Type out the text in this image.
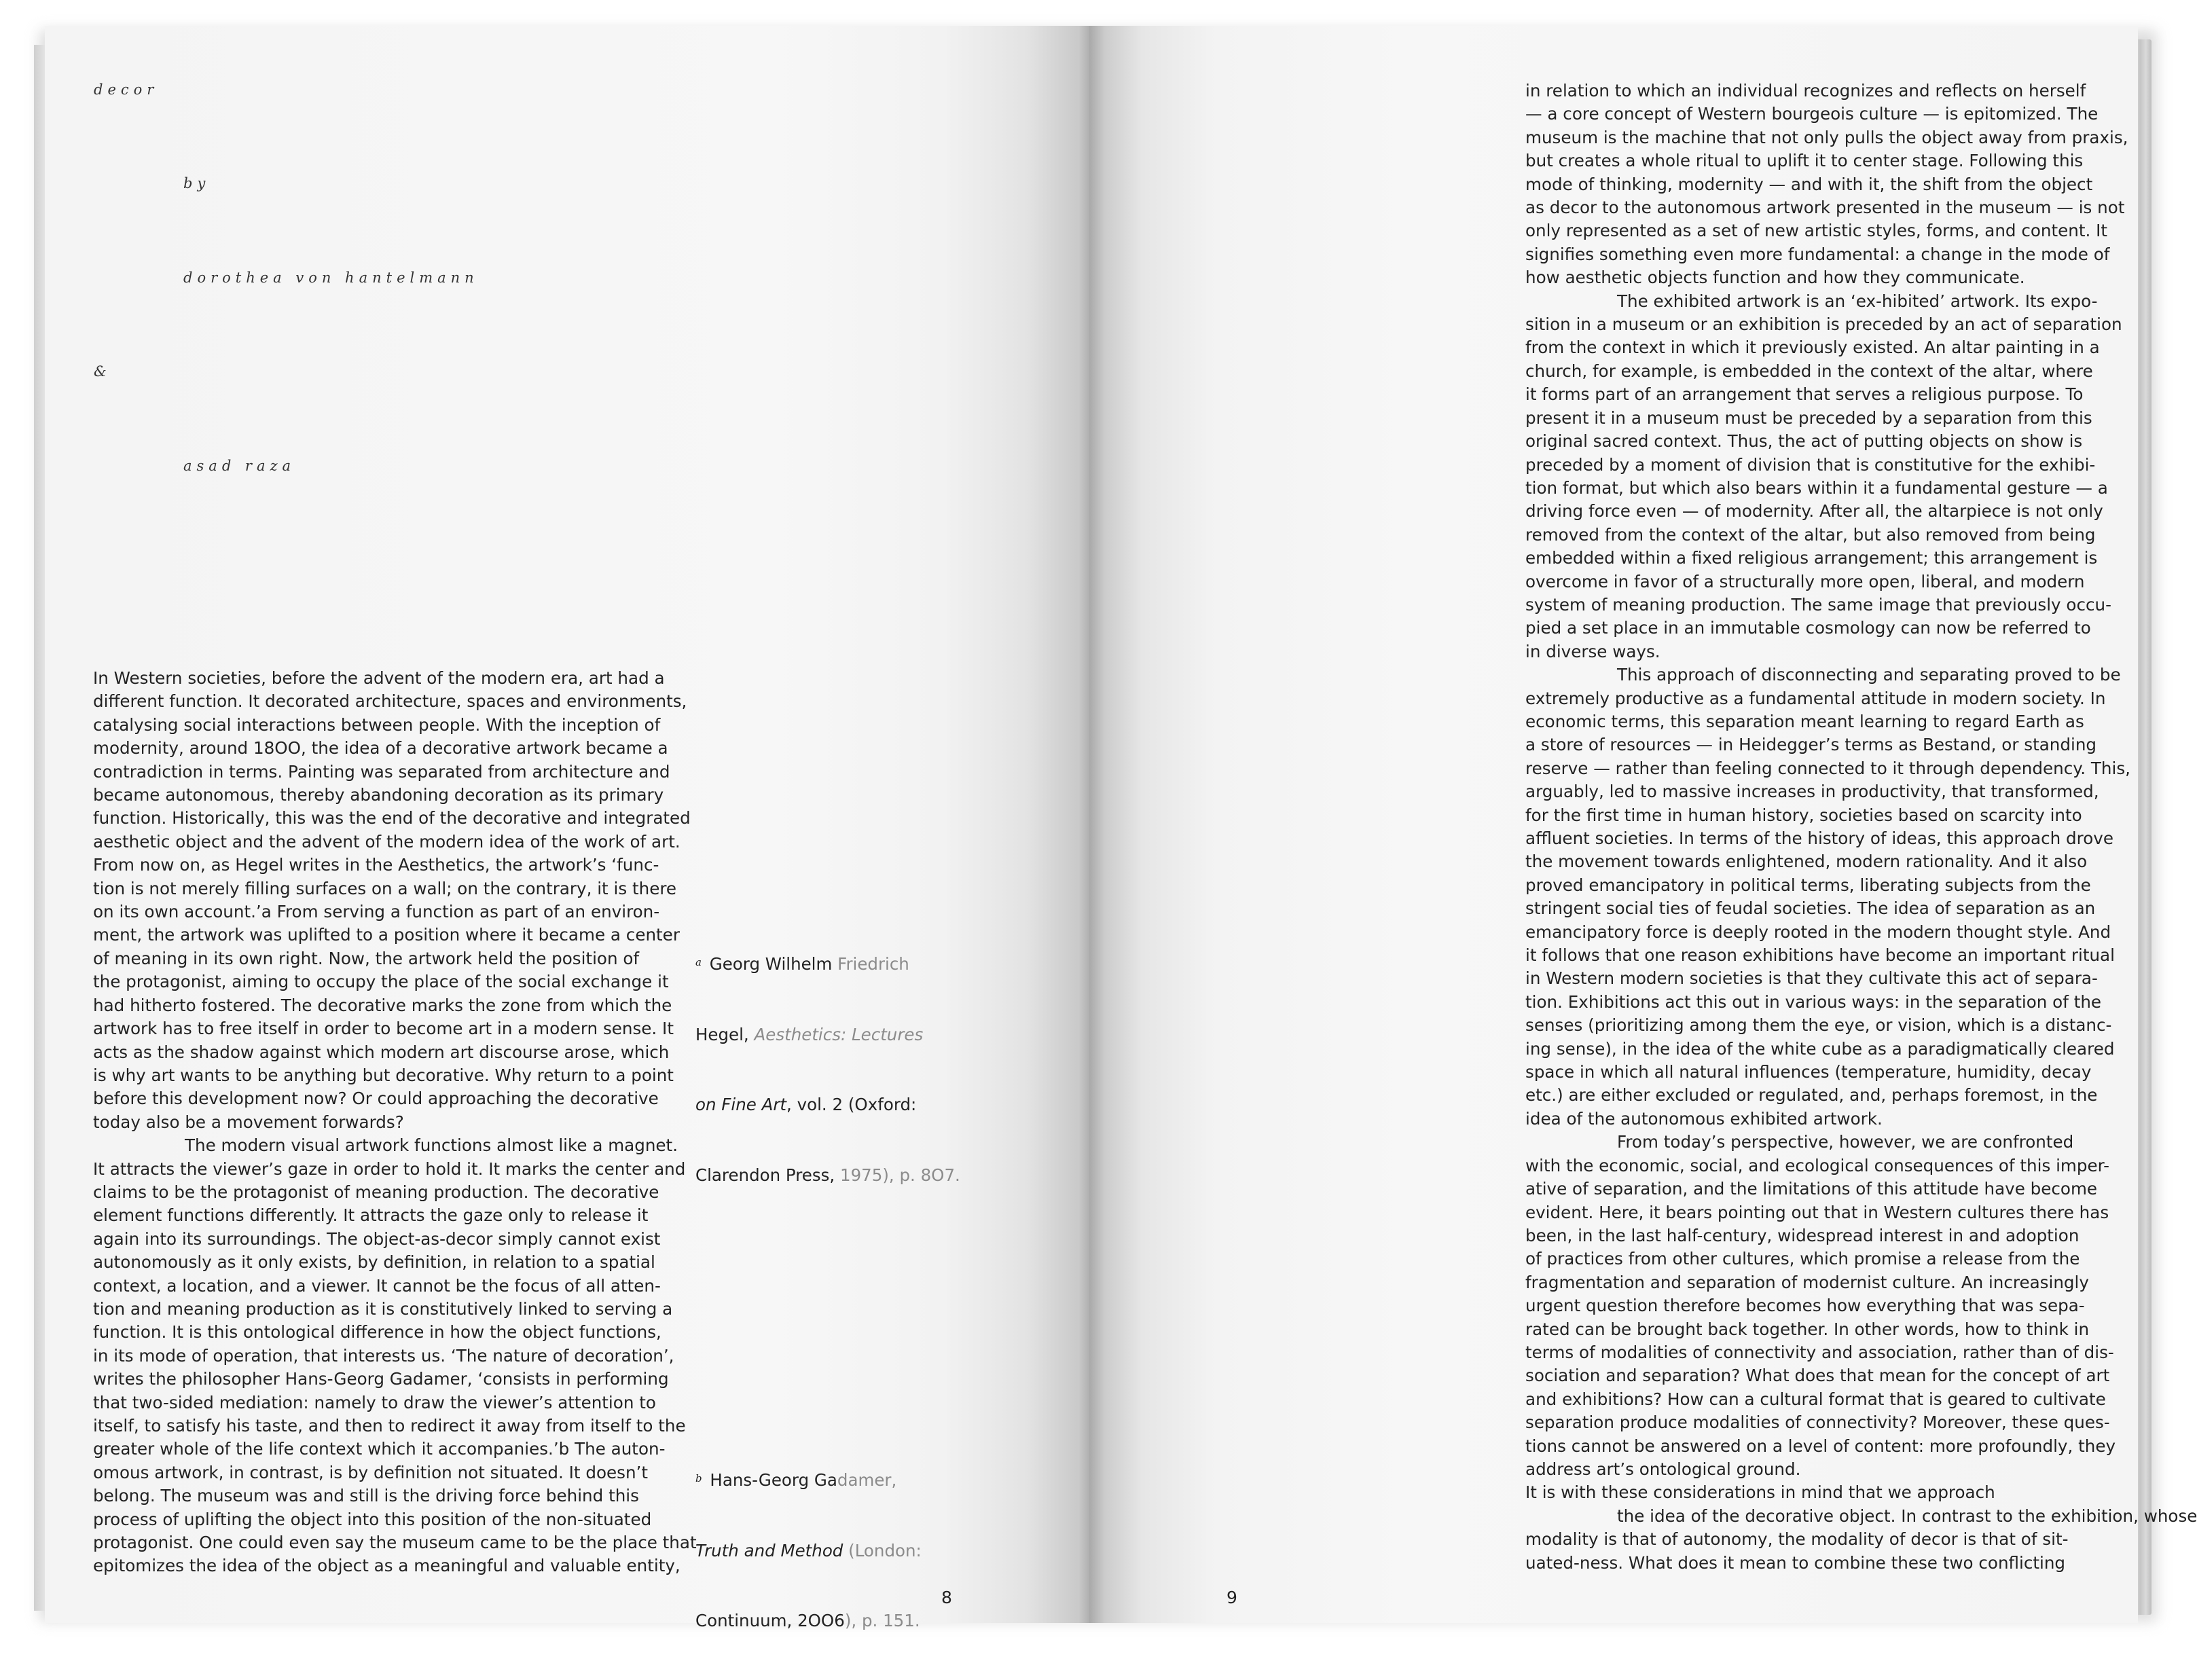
decor
by
dorothea von hantelmann
&
asad raza
In Western societies, before the advent of the modern era, art had a
different function. It decorated architecture, spaces and environments,
catalysing social interactions between people. With the inception of
modernity, around 18OO, the idea of a decorative artwork became a
contradiction in terms. Painting was separated from architecture and
became autonomous, thereby abandoning decoration as its primary
function. Historically, this was the end of the decorative and integrated
aesthetic object and the advent of the modern idea of the work of art.
From now on, as Hegel writes in the Aesthetics, the artwork’s ‘func-
tion is not merely filling surfaces on a wall; on the contrary, it is there
on its own account.’a From serving a function as part of an environ-
ment, the artwork was uplifted to a position where it became a center
of meaning in its own right. Now, the artwork held the position of
the protagonist, aiming to occupy the place of the social exchange it
had hitherto fostered. The decorative marks the zone from which the
artwork has to free itself in order to become art in a modern sense. It
acts as the shadow against which modern art discourse arose, which
is why art wants to be anything but decorative. Why return to a point
before this development now? Or could approaching the decorative
today also be a movement forwards?
The modern visual artwork functions almost like a magnet.
It attracts the viewer’s gaze in order to hold it. It marks the center and
claims to be the protagonist of meaning production. The decorative
element functions differently. It attracts the gaze only to release it
again into its surroundings. The object-as-decor simply cannot exist
autonomously as it only exists, by definition, in relation to a spatial
context, a location, and a viewer. It cannot be the focus of all atten-
tion and meaning production as it is constitutively linked to serving a
function. It is this ontological difference in how the object functions,
in its mode of operation, that interests us. ‘The nature of decoration’,
writes the philosopher Hans-Georg Gadamer, ‘consists in performing
that two-sided mediation: namely to draw the viewer’s attention to
itself, to satisfy his taste, and then to redirect it away from itself to the
greater whole of the life context which it accompanies.’b The auton-
omous artwork, in contrast, is by definition not situated. It doesn’t
belong. The museum was and still is the driving force behind this
process of uplifting the object into this position of the non-situated
protagonist. One could even say the museum came to be the place that
epitomizes the idea of the object as a meaningful and valuable entity,

$^a$ Georg Wilhelm Friedrich

Hegel, Aesthetics: Lectures

on Fine Art, vol. 2 (Oxford:

Clarendon Press, 1975), p. 8O7.

$^b$ Hans-Georg Gadamer,

Truth and Method (London:

Continuum, 2OO6), p. 151.

8
in relation to which an individual recognizes and reflects on herself
— a core concept of Western bourgeois culture — is epitomized. The
museum is the machine that not only pulls the object away from praxis,
but creates a whole ritual to uplift it to center stage. Following this
mode of thinking, modernity — and with it, the shift from the object
as decor to the autonomous artwork presented in the museum — is not
only represented as a set of new artistic styles, forms, and content. It
signifies something even more fundamental: a change in the mode of
how aesthetic objects function and how they communicate.
The exhibited artwork is an ‘ex-hibited’ artwork. Its expo-
sition in a museum or an exhibition is preceded by an act of separation
from the context in which it previously existed. An altar painting in a
church, for example, is embedded in the context of the altar, where
it forms part of an arrangement that serves a religious purpose. To
present it in a museum must be preceded by a separation from this
original sacred context. Thus, the act of putting objects on show is
preceded by a moment of division that is constitutive for the exhibi-
tion format, but which also bears within it a fundamental gesture — a
driving force even — of modernity. After all, the altarpiece is not only
removed from the context of the altar, but also removed from being
embedded within a fixed religious arrangement; this arrangement is
overcome in favor of a structurally more open, liberal, and modern
system of meaning production. The same image that previously occu-
pied a set place in an immutable cosmology can now be referred to
in diverse ways.
This approach of disconnecting and separating proved to be
extremely productive as a fundamental attitude in modern society. In
economic terms, this separation meant learning to regard Earth as
a store of resources — in Heidegger’s terms as Bestand, or standing
reserve — rather than feeling connected to it through dependency. This,
arguably, led to massive increases in productivity, that transformed,
for the first time in human history, societies based on scarcity into
affluent societies. In terms of the history of ideas, this approach drove
the movement towards enlightened, modern rationality. And it also
proved emancipatory in political terms, liberating subjects from the
stringent social ties of feudal societies. The idea of separation as an
emancipatory force is deeply rooted in the modern thought style. And
it follows that one reason exhibitions have become an important ritual
in Western modern societies is that they cultivate this act of separa-
tion. Exhibitions act this out in various ways: in the separation of the
senses (prioritizing among them the eye, or vision, which is a distanc-
ing sense), in the idea of the white cube as a paradigmatically cleared
space in which all natural influences (temperature, humidity, decay
etc.) are either excluded or regulated, and, perhaps foremost, in the
idea of the autonomous exhibited artwork.
From today’s perspective, however, we are confronted
with the economic, social, and ecological consequences of this imper-
ative of separation, and the limitations of this attitude have become
evident. Here, it bears pointing out that in Western cultures there has
been, in the last half-century, widespread interest in and adoption
of practices from other cultures, which promise a release from the
fragmentation and separation of modernist culture. An increasingly
urgent question therefore becomes how everything that was sepa-
rated can be brought back together. In other words, how to think in
terms of modalities of connectivity and association, rather than of dis-
sociation and separation? What does that mean for the concept of art
and exhibitions? How can a cultural format that is geared to cultivate
separation produce modalities of connectivity? Moreover, these ques-
tions cannot be answered on a level of content: more profoundly, they
address art’s ontological ground.
It is with these considerations in mind that we approach
the idea of the decorative object. In contrast to the exhibition, whose
modality is that of autonomy, the modality of decor is that of sit-
uated-ness. What does it mean to combine these two conflicting
9
